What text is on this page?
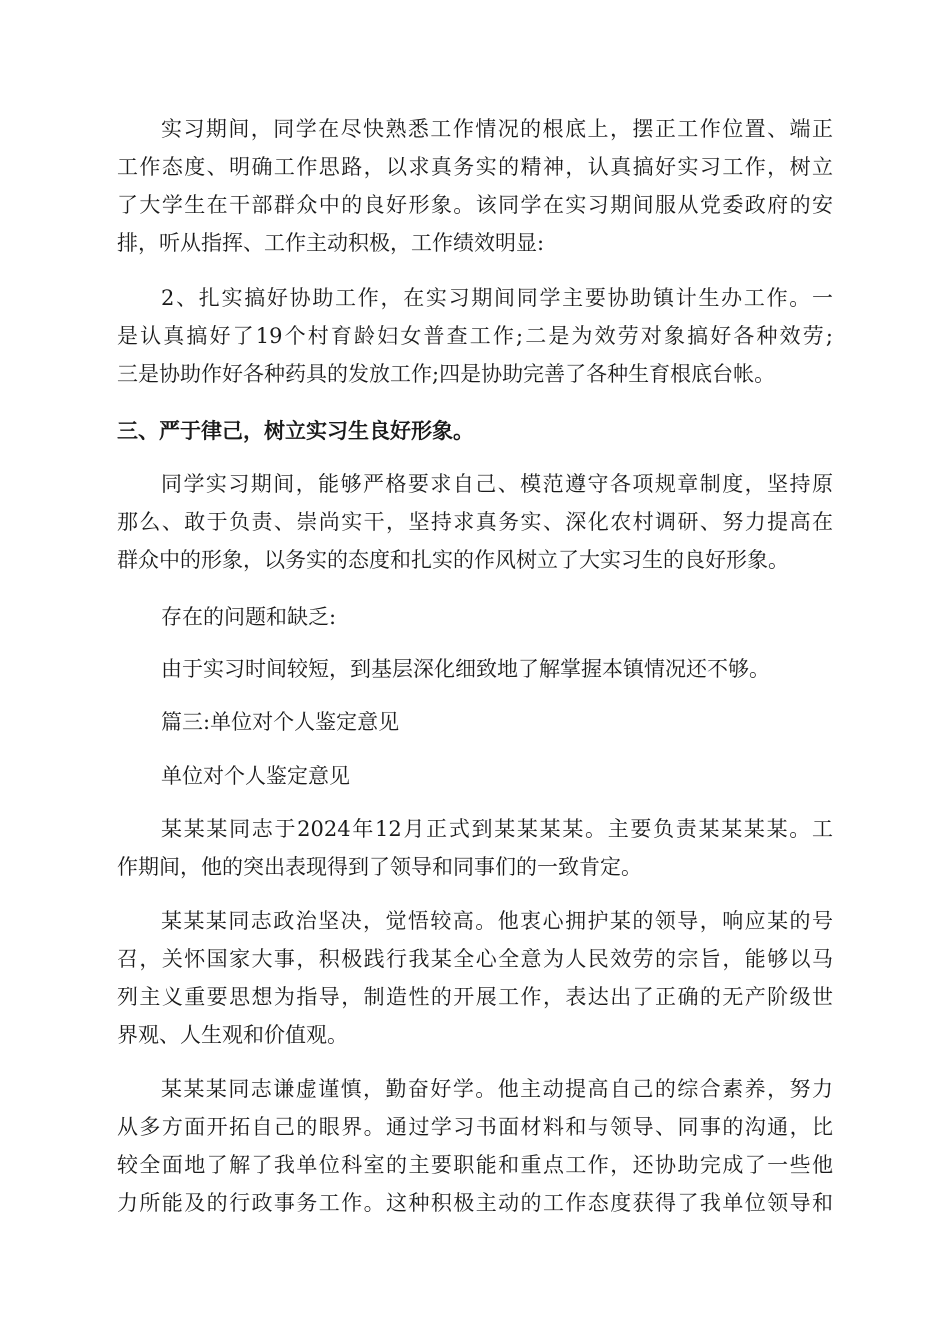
实习期间，同学在尽快熟悉工作情况的根底上，摆正工作位置、端正
工作态度、明确工作思路，以求真务实的精神，认真搞好实习工作，树立
了大学生在干部群众中的良好形象。该同学在实习期间服从党委政府的安
排，听从指挥、工作主动积极，工作绩效明显:
2、扎实搞好协助工作，在实习期间同学主要协助镇计生办工作。一
是认真搞好了19个村育龄妇女普查工作;二是为效劳对象搞好各种效劳;
三是协助作好各种药具的发放工作;四是协助完善了各种生育根底台帐。
三、严于律己，树立实习生良好形象。
同学实习期间，能够严格要求自己、模范遵守各项规章制度，坚持原
那么、敢于负责、崇尚实干，坚持求真务实、深化农村调研、努力提高在
群众中的形象，以务实的态度和扎实的作风树立了大实习生的良好形象。
存在的问题和缺乏:
由于实习时间较短，到基层深化细致地了解掌握本镇情况还不够。
篇三:单位对个人鉴定意见
单位对个人鉴定意见
某某某同志于2024年12月正式到某某某某。主要负责某某某某。工
作期间，他的突出表现得到了领导和同事们的一致肯定。
某某某同志政治坚决，觉悟较高。他衷心拥护某的领导，响应某的号
召，关怀国家大事，积极践行我某全心全意为人民效劳的宗旨，能够以马
列主义重要思想为指导，制造性的开展工作，表达出了正确的无产阶级世
界观、人生观和价值观。
某某某同志谦虚谨慎，勤奋好学。他主动提高自己的综合素养，努力
从多方面开拓自己的眼界。通过学习书面材料和与领导、同事的沟通，比
较全面地了解了我单位科室的主要职能和重点工作，还协助完成了一些他
力所能及的行政事务工作。这种积极主动的工作态度获得了我单位领导和
